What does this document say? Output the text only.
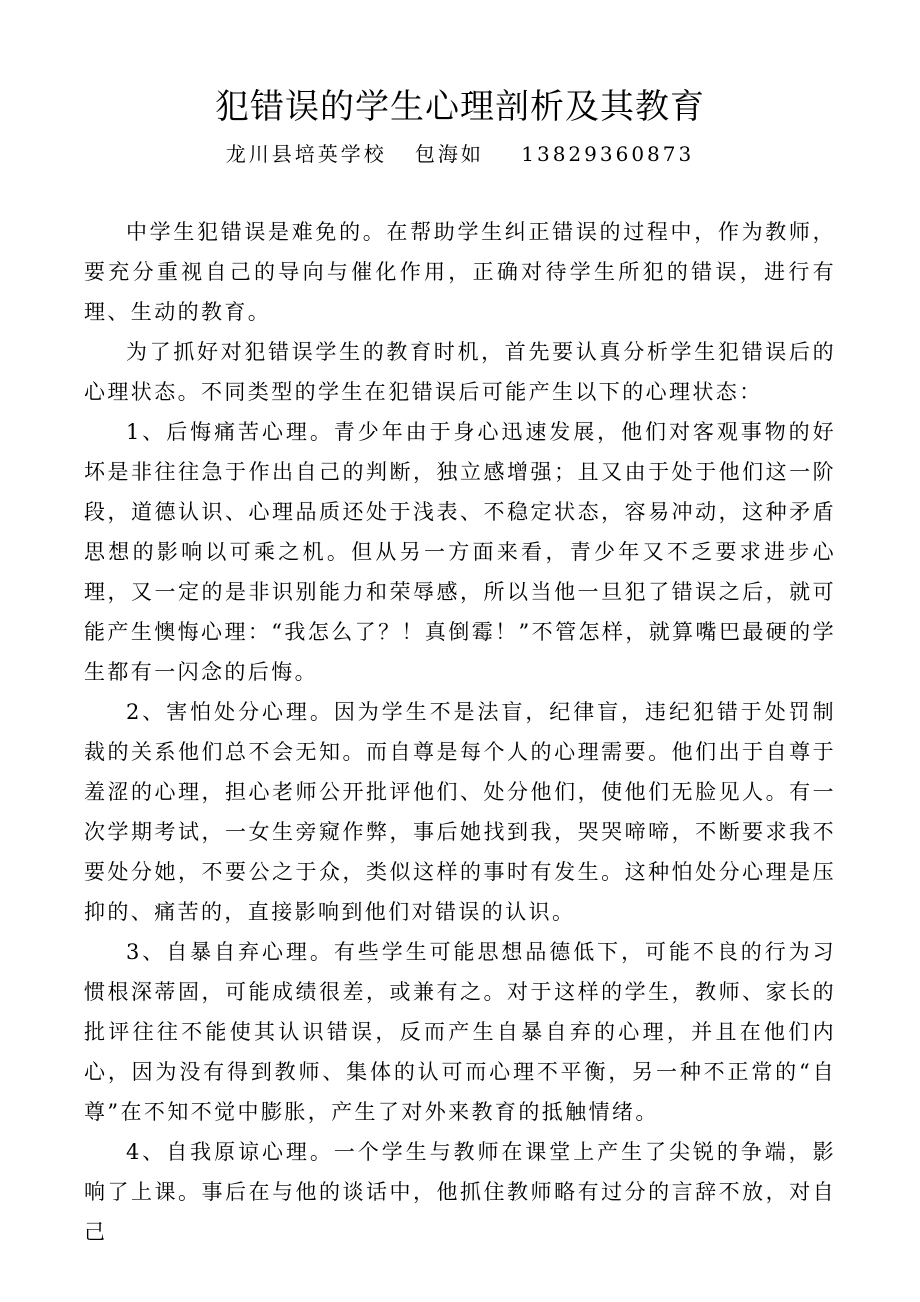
犯错误的学生心理剖析及其教育
龙川县培英学校   包海如    13829360873

中学生犯错误是难免的。在帮助学生纠正错误的过程中，作为教师，要充分重视自己的导向与催化作用，正确对待学生所犯的错误，进行有理、生动的教育。

为了抓好对犯错误学生的教育时机，首先要认真分析学生犯错误后的心理状态。不同类型的学生在犯错误后可能产生以下的心理状态：

1、后悔痛苦心理。青少年由于身心迅速发展，他们对客观事物的好坏是非往往急于作出自己的判断，独立感增强；且又由于处于他们这一阶段，道德认识、心理品质还处于浅表、不稳定状态，容易冲动，这种矛盾思想的影响以可乘之机。但从另一方面来看，青少年又不乏要求进步心理，又一定的是非识别能力和荣辱感，所以当他一旦犯了错误之后，就可能产生懊悔心理：“我怎么了？！真倒霉！”不管怎样，就算嘴巴最硬的学生都有一闪念的后悔。

2、害怕处分心理。因为学生不是法盲，纪律盲，违纪犯错于处罚制裁的关系他们总不会无知。而自尊是每个人的心理需要。他们出于自尊于羞涩的心理，担心老师公开批评他们、处分他们，使他们无脸见人。有一次学期考试，一女生旁窥作弊，事后她找到我，哭哭啼啼，不断要求我不要处分她，不要公之于众，类似这样的事时有发生。这种怕处分心理是压抑的、痛苦的，直接影响到他们对错误的认识。

3、自暴自弃心理。有些学生可能思想品德低下，可能不良的行为习惯根深蒂固，可能成绩很差，或兼有之。对于这样的学生，教师、家长的批评往往不能使其认识错误，反而产生自暴自弃的心理，并且在他们内心，因为没有得到教师、集体的认可而心理不平衡，另一种不正常的“自尊”在不知不觉中膨胀，产生了对外来教育的抵触情绪。

4、自我原谅心理。一个学生与教师在课堂上产生了尖锐的争端，影响了上课。事后在与他的谈话中，他抓住教师略有过分的言辞不放，对自己
